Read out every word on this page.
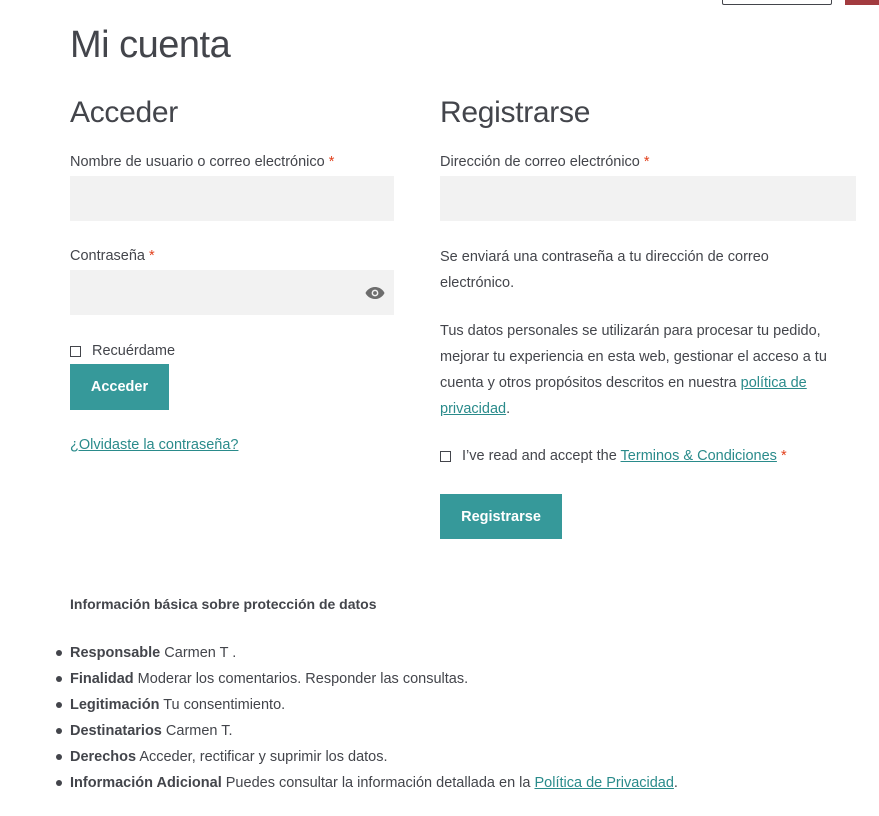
Mi cuenta
Acceder
Nombre de usuario o correo electrónico *
Contraseña *
Recuérdame
Acceder
¿Olvidaste la contraseña?
Registrarse
Dirección de correo electrónico *

Se enviará una contraseña a tu dirección de correo electrónico.

Tus datos personales se utilizarán para procesar tu pedido, mejorar tu experiencia en esta web, gestionar el acceso a tu cuenta y otros propósitos descritos en nuestra política de privacidad.

I’ve read and accept the Terminos & Condiciones *
Registrarse

Información básica sobre protección de datos

Responsable Carmen T .
Finalidad Moderar los comentarios. Responder las consultas.
Legitimación Tu consentimiento.
Destinatarios Carmen T.
Derechos Acceder, rectificar y suprimir los datos.
Información Adicional Puedes consultar la información detallada en la Política de Privacidad.
